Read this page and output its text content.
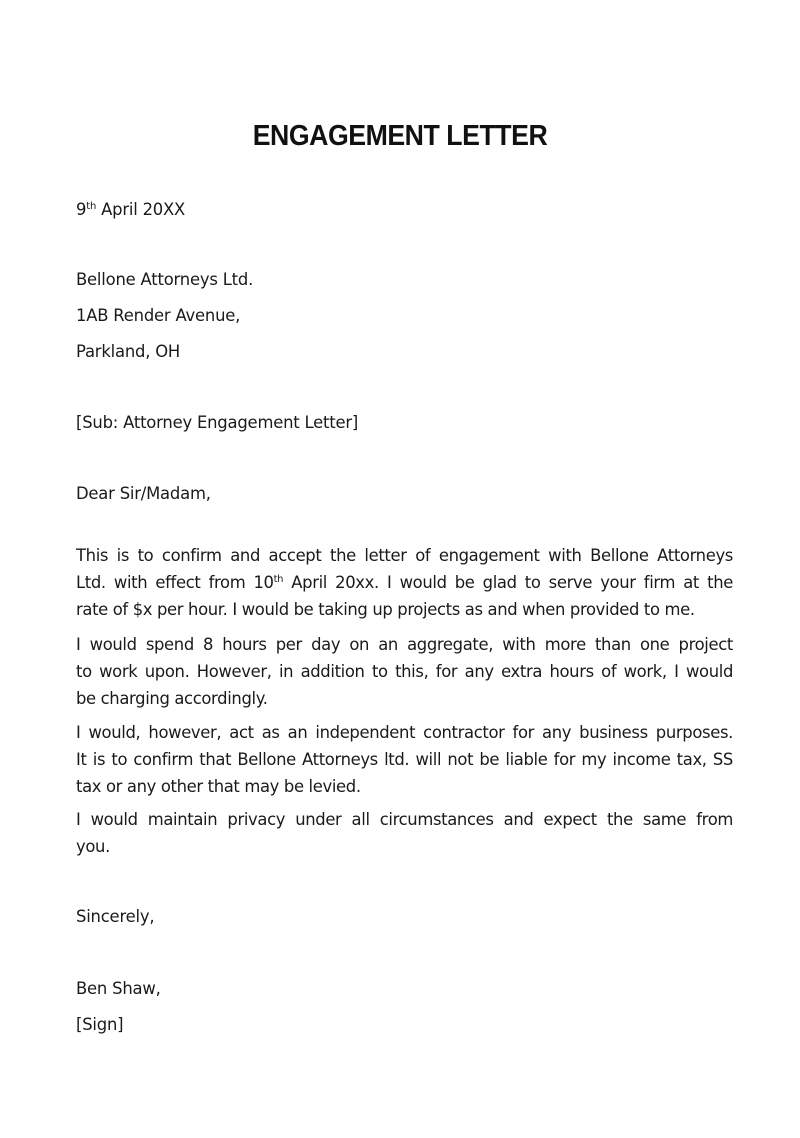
ENGAGEMENT LETTER
9th April 20XX
Bellone Attorneys Ltd.
1AB Render Avenue,
Parkland, OH
[Sub: Attorney Engagement Letter]
Dear Sir/Madam,
This is to confirm and accept the letter of engagement with Bellone Attorneys
Ltd. with effect from 10th April 20xx. I would be glad to serve your firm at the
rate of $x per hour. I would be taking up projects as and when provided to me.
I would spend 8 hours per day on an aggregate, with more than one project
to work upon. However, in addition to this, for any extra hours of work, I would
be charging accordingly.
I would, however, act as an independent contractor for any business purposes.
It is to confirm that Bellone Attorneys ltd. will not be liable for my income tax, SS
tax or any other that may be levied.
I would maintain privacy under all circumstances and expect the same from
you.
Sincerely,
Ben Shaw,
[Sign]
